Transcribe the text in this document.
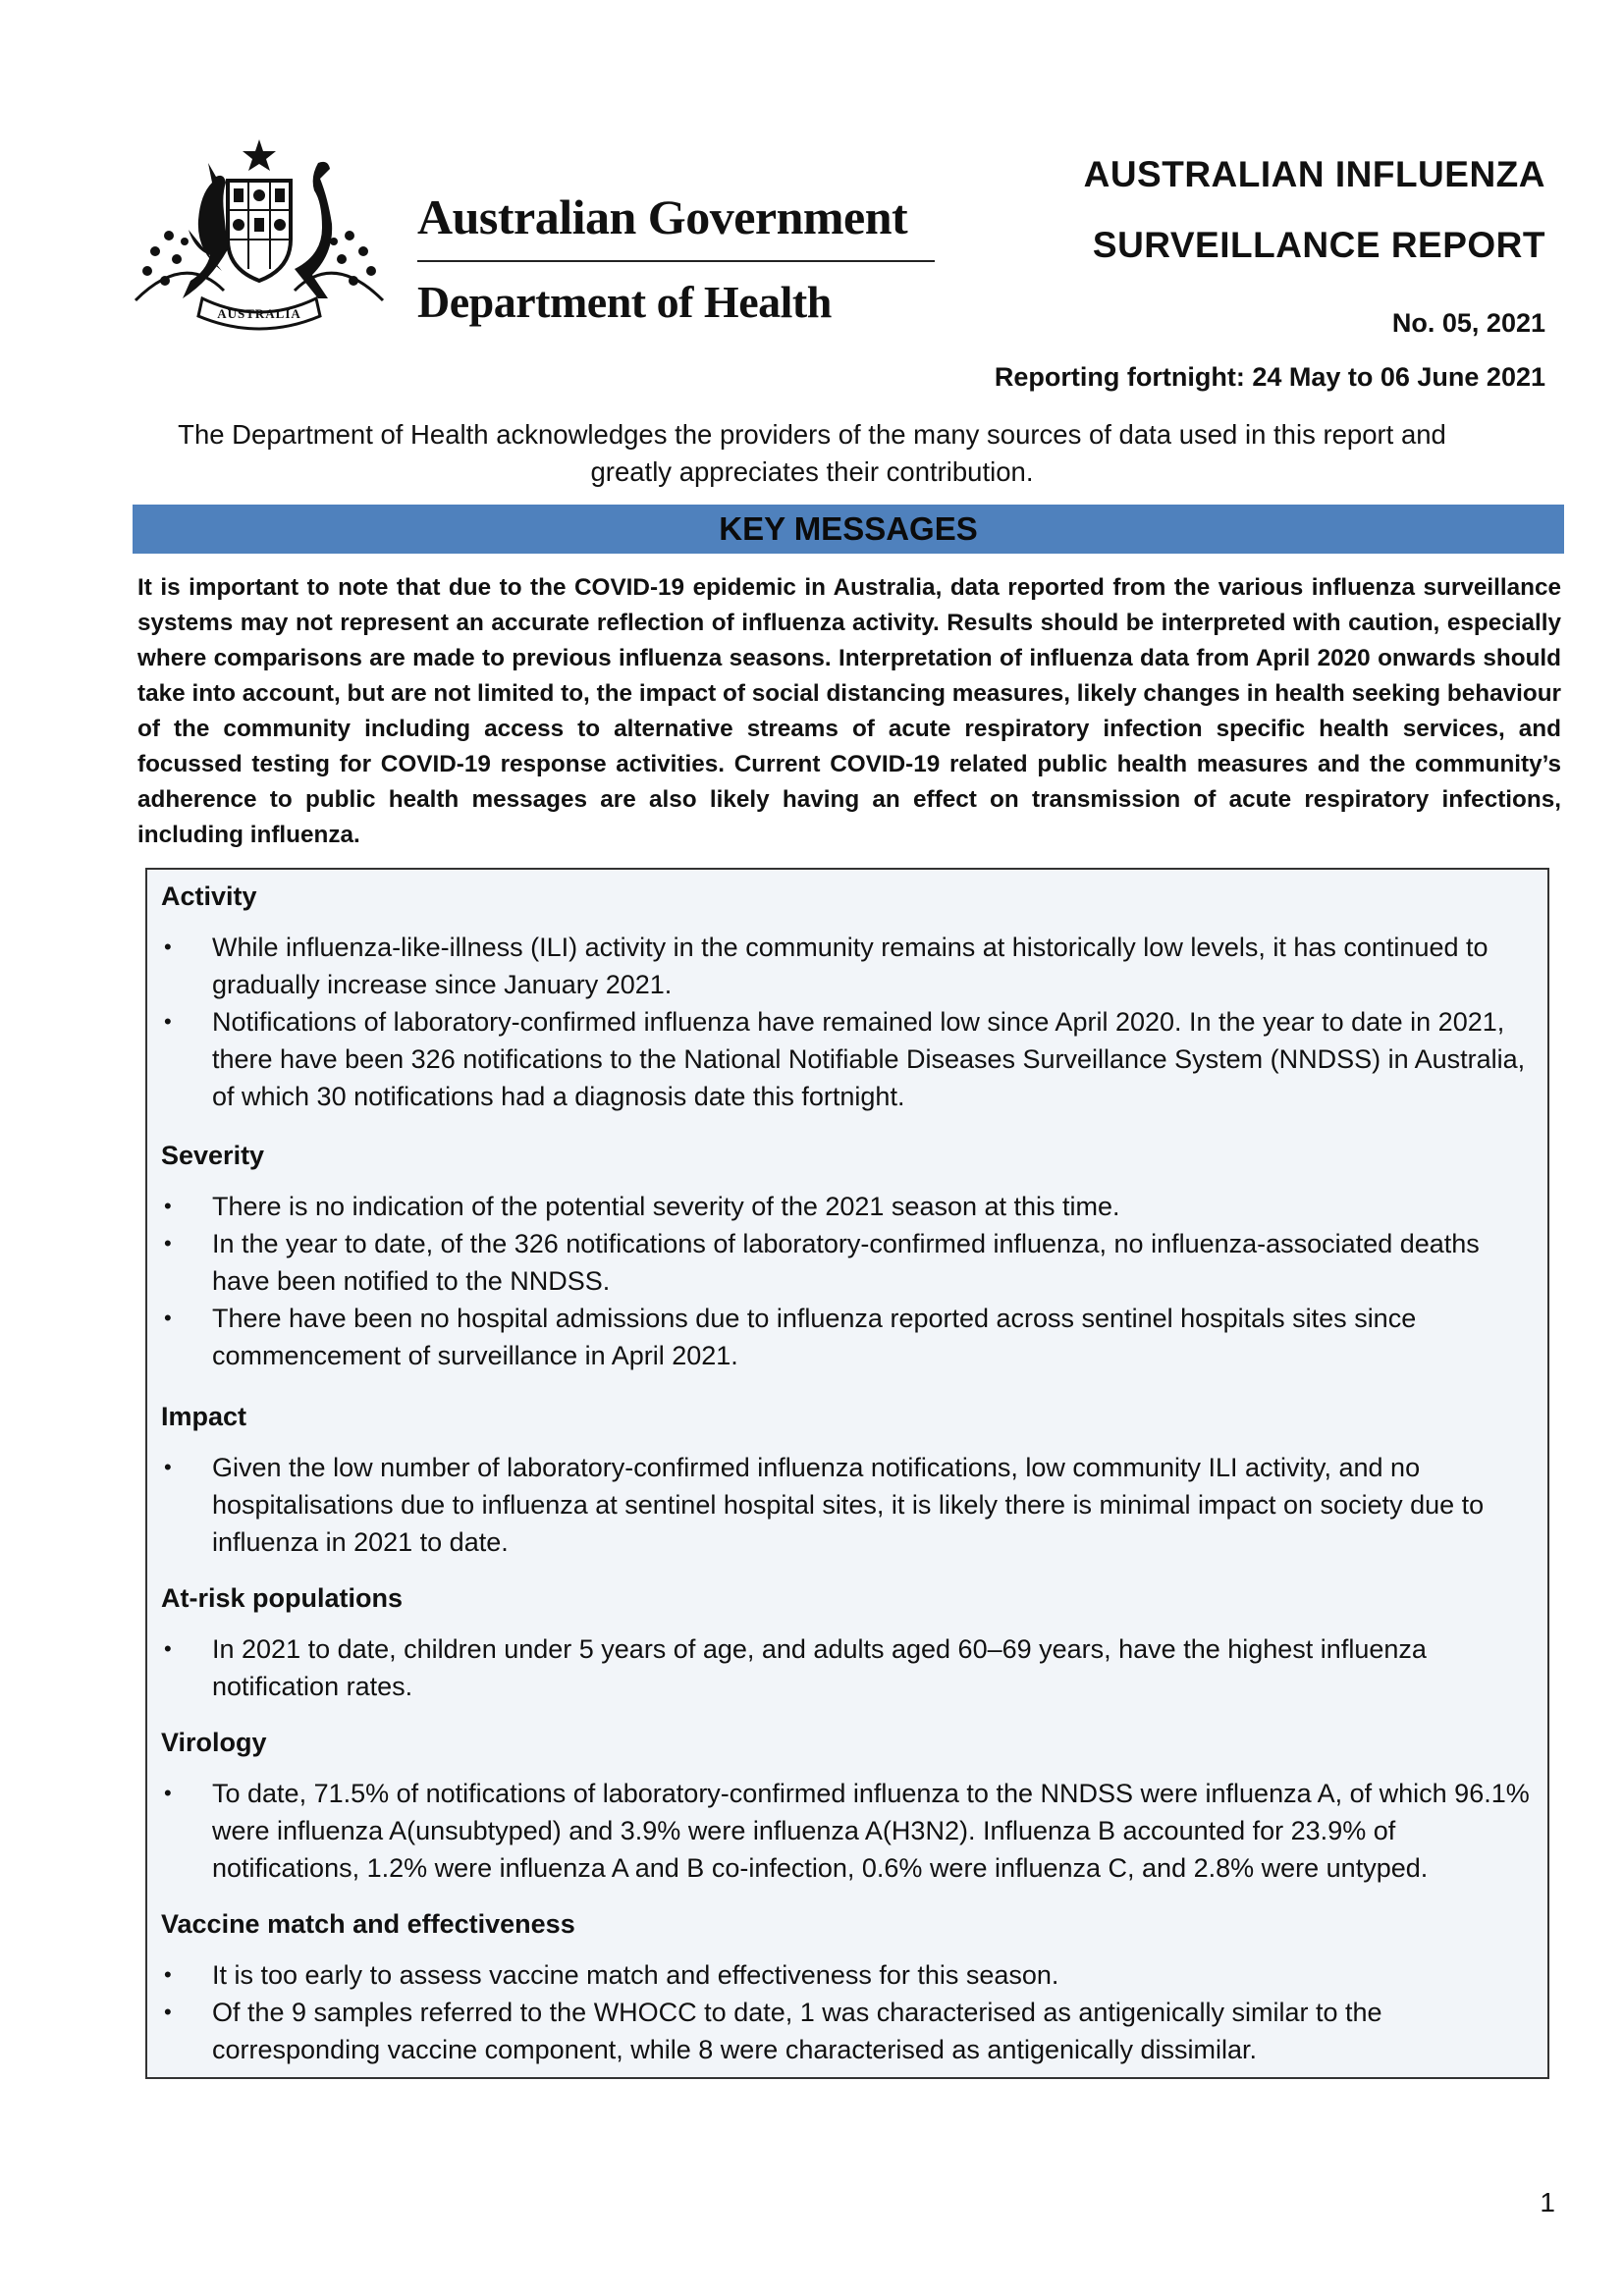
AUSTRALIA
Australian Government
Department of Health
AUSTRALIAN INFLUENZA
SURVEILLANCE REPORT
No. 05, 2021
Reporting fortnight: 24 May to 06 June 2021
The Department of Health acknowledges the providers of the many sources of data used in this report and greatly appreciates their contribution.
KEY MESSAGES
It is important to note that due to the COVID-19 epidemic in Australia, data reported from the various influenza surveillance systems may not represent an accurate reflection of influenza activity. Results should be interpreted with caution, especially where comparisons are made to previous influenza seasons. Interpretation of influenza data from April 2020 onwards should take into account, but are not limited to, the impact of social distancing measures, likely changes in health seeking behaviour of the community including access to alternative streams of acute respiratory infection specific health services, and focussed testing for COVID-19 response activities. Current COVID-19 related public health measures and the community’s adherence to public health messages are also likely having an effect on transmission of acute respiratory infections, including influenza.
Activity
• While influenza-like-illness (ILI) activity in the community remains at historically low levels, it has continued to gradually increase since January 2021.
• Notifications of laboratory-confirmed influenza have remained low since April 2020. In the year to date in 2021, there have been 326 notifications to the National Notifiable Diseases Surveillance System (NNDSS) in Australia, of which 30 notifications had a diagnosis date this fortnight.
Severity
• There is no indication of the potential severity of the 2021 season at this time.
• In the year to date, of the 326 notifications of laboratory-confirmed influenza, no influenza-associated deaths have been notified to the NNDSS.
• There have been no hospital admissions due to influenza reported across sentinel hospitals sites since commencement of surveillance in April 2021.
Impact
• Given the low number of laboratory-confirmed influenza notifications, low community ILI activity, and no hospitalisations due to influenza at sentinel hospital sites, it is likely there is minimal impact on society due to influenza in 2021 to date.
At-risk populations
• In 2021 to date, children under 5 years of age, and adults aged 60–69 years, have the highest influenza notification rates.
Virology
• To date, 71.5% of notifications of laboratory-confirmed influenza to the NNDSS were influenza A, of which 96.1% were influenza A(unsubtyped) and 3.9% were influenza A(H3N2). Influenza B accounted for 23.9% of notifications, 1.2% were influenza A and B co-infection, 0.6% were influenza C, and 2.8% were untyped.
Vaccine match and effectiveness
• It is too early to assess vaccine match and effectiveness for this season.
• Of the 9 samples referred to the WHOCC to date, 1 was characterised as antigenically similar to the corresponding vaccine component, while 8 were characterised as antigenically dissimilar.
1
